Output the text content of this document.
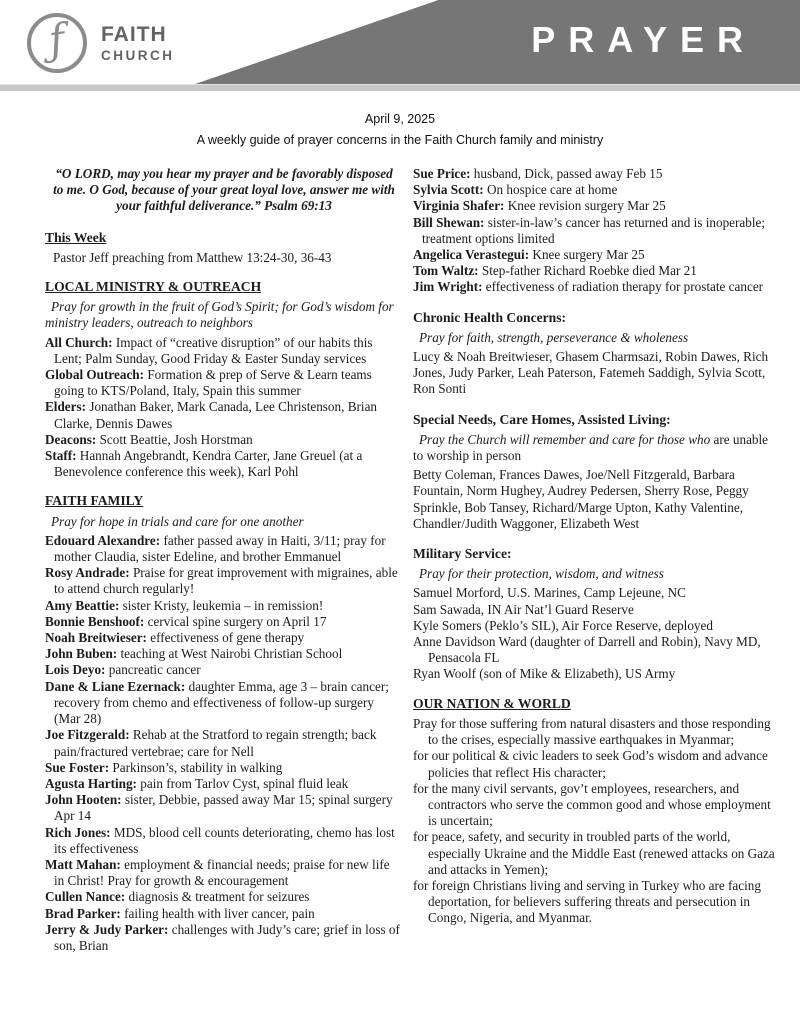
PRAYER
ƒ FAITH
CHURCH
April 9, 2025
A weekly guide of prayer concerns in the Faith Church family and ministry

“O LORD, may you hear my prayer and be favorably disposed to me. O God, because of your great loyal love, answer me with your faithful deliverance.” Psalm 69:13

This Week

Pastor Jeff preaching from Matthew 13:24-30, 36-43

LOCAL MINISTRY & OUTREACH

Pray for growth in the fruit of God’s Spirit; for God’s wisdom for ministry leaders, outreach to neighbors

All Church: Impact of “creative disruption” of our habits this Lent; Palm Sunday, Good Friday & Easter Sunday services

Global Outreach: Formation & prep of Serve & Learn teams going to KTS/Poland, Italy, Spain this summer

Elders: Jonathan Baker, Mark Canada, Lee Christenson, Brian Clarke, Dennis Dawes

Deacons: Scott Beattie, Josh Horstman

Staff: Hannah Angebrandt, Kendra Carter, Jane Greuel (at a Benevolence conference this week), Karl Pohl

FAITH FAMILY

Pray for hope in trials and care for one another

Edouard Alexandre: father passed away in Haiti, 3/11; pray for mother Claudia, sister Edeline, and brother Emmanuel

Rosy Andrade: Praise for great improvement with migraines, able to attend church regularly!

Amy Beattie: sister Kristy, leukemia – in remission!

Bonnie Benshoof: cervical spine surgery on April 17

Noah Breitwieser: effectiveness of gene therapy

John Buben: teaching at West Nairobi Christian School

Lois Deyo: pancreatic cancer

Dane & Liane Ezernack: daughter Emma, age 3 – brain cancer; recovery from chemo and effectiveness of follow-up surgery (Mar 28)

Joe Fitzgerald: Rehab at the Stratford to regain strength; back pain/fractured vertebrae; care for Nell

Sue Foster: Parkinson’s, stability in walking

Agusta Harting: pain from Tarlov Cyst, spinal fluid leak

John Hooten: sister, Debbie, passed away Mar 15; spinal surgery Apr 14

Rich Jones: MDS, blood cell counts deteriorating, chemo has lost its effectiveness

Matt Mahan: employment & financial needs; praise for new life in Christ! Pray for growth & encouragement

Cullen Nance: diagnosis & treatment for seizures

Brad Parker: failing health with liver cancer, pain

Jerry & Judy Parker: challenges with Judy’s care; grief in loss of son, Brian

Sue Price: husband, Dick, passed away Feb 15

Sylvia Scott: On hospice care at home

Virginia Shafer: Knee revision surgery Mar 25

Bill Shewan: sister-in-law’s cancer has returned and is inoperable; treatment options limited

Angelica Verastegui: Knee surgery Mar 25

Tom Waltz: Step-father Richard Roebke died Mar 21

Jim Wright: effectiveness of radiation therapy for prostate cancer

Chronic Health Concerns:

Pray for faith, strength, perseverance & wholeness

Lucy & Noah Breitwieser, Ghasem Charmsazi, Robin Dawes, Rich Jones, Judy Parker, Leah Paterson, Fatemeh Saddigh, Sylvia Scott, Ron Sonti

Special Needs, Care Homes, Assisted Living:

Pray the Church will remember and care for those who are unable to worship in person

Betty Coleman, Frances Dawes, Joe/Nell Fitzgerald, Barbara Fountain, Norm Hughey, Audrey Pedersen, Sherry Rose, Peggy Sprinkle, Bob Tansey, Richard/Marge Upton, Kathy Valentine, Chandler/Judith Waggoner, Elizabeth West

Military Service:

Pray for their protection, wisdom, and witness

Samuel Morford, U.S. Marines, Camp Lejeune, NC

Sam Sawada, IN Air Nat’l Guard Reserve

Kyle Somers (Peklo’s SIL), Air Force Reserve, deployed

Anne Davidson Ward (daughter of Darrell and Robin), Navy MD, Pensacola FL

Ryan Woolf (son of Mike & Elizabeth), US Army

OUR NATION & WORLD

Pray for those suffering from natural disasters and those responding to the crises, especially massive earthquakes in Myanmar;

for our political & civic leaders to seek God’s wisdom and advance policies that reflect His character;

for the many civil servants, gov’t employees, researchers, and contractors who serve the common good and whose employment is uncertain;

for peace, safety, and security in troubled parts of the world, especially Ukraine and the Middle East (renewed attacks on Gaza and attacks in Yemen);

for foreign Christians living and serving in Turkey who are facing deportation, for believers suffering threats and persecution in Congo, Nigeria, and Myanmar.
